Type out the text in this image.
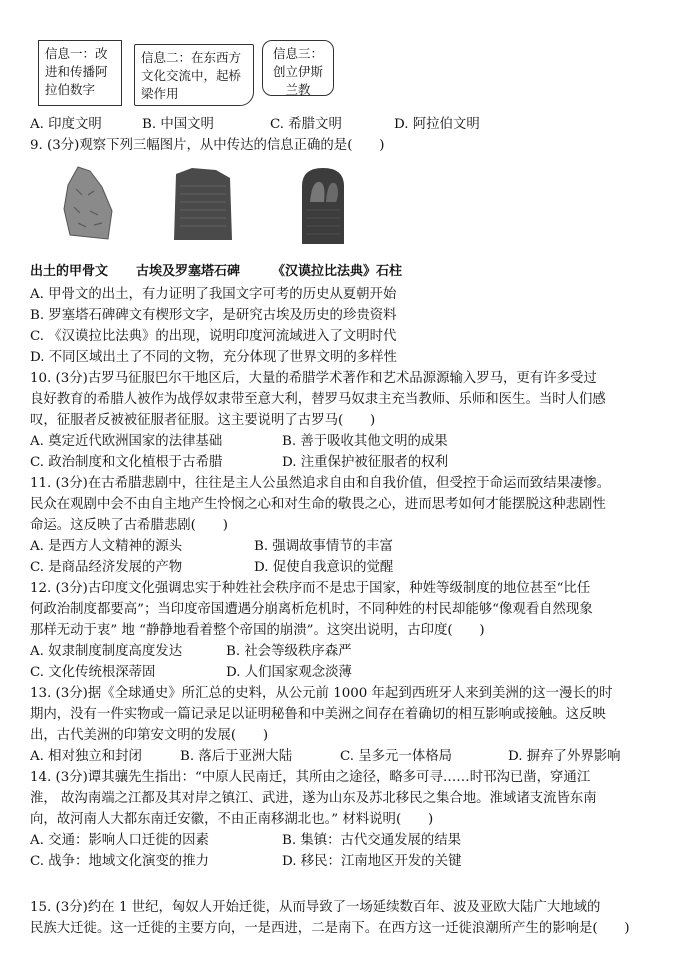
信息一：改进和传播阿拉伯数字
信息二：在东西方文化交流中，起桥梁作用
信息三：创立伊斯兰教
A. 印度文明	B. 中国文明	C. 希腊文明	D. 阿拉伯文明
9. (3分)观察下列三幅图片，从中传达的信息正确的是(　　)
出土的甲骨文 古埃及罗塞塔石碑 《汉谟拉比法典》石柱
A. 甲骨文的出土，有力证明了我国文字可考的历史从夏朝开始
B. 罗塞塔石碑碑文有楔形文字，是研究古埃及历史的珍贵资料
C. 《汉谟拉比法典》的出现，说明印度河流域进入了文明时代
D. 不同区域出土了不同的文物，充分体现了世界文明的多样性
10. (3分)古罗马征服巴尔干地区后，大量的希腊学术著作和艺术品源源输入罗马，更有许多受过
良好教育的希腊人被作为战俘奴隶带至意大利，替罗马奴隶主充当教师、乐师和医生。当时人们感
叹，征服者反被被征服者征服。这主要说明了古罗马(　　)
A. 奠定近代欧洲国家的法律基础	B. 善于吸收其他文明的成果
C. 政治制度和文化植根于古希腊	D. 注重保护被征服者的权利
11. (3分)在古希腊悲剧中，往往是主人公虽然追求自由和自我价值，但受控于命运而致结果凄惨。
民众在观剧中会不由自主地产生怜悯之心和对生命的敬畏之心，进而思考如何才能摆脱这种悲剧性
命运。这反映了古希腊悲剧(　　)
A. 是西方人文精神的源头	B. 强调故事情节的丰富
C. 是商品经济发展的产物	D. 促使自我意识的觉醒
12. (3分)古印度文化强调忠实于种姓社会秩序而不是忠于国家，种姓等级制度的地位甚至“比任
何政治制度都要高”；当印度帝国遭遇分崩离析危机时，不同种姓的村民却能够“像观看自然现象
那样无动于衷” 地 “静静地看着整个帝国的崩溃”。这突出说明，古印度(　　)
A. 奴隶制度制度高度发达	B. 社会等级秩序森严
C. 文化传统根深蒂固	D. 人们国家观念淡薄
13. (3分)据《全球通史》所汇总的史料，从公元前 1000 年起到西班牙人来到美洲的这一漫长的时
期内，没有一件实物或一篇记录足以证明秘鲁和中美洲之间存在着确切的相互影响或接触。这反映
出，古代美洲的印第安文明的发展(　　)
A. 相对独立和封闭	B. 落后于亚洲大陆	C. 呈多元一体格局	D. 摒弃了外界影响
14. (3分)谭其骧先生指出：“中原人民南迁，其所由之途径，略多可寻……时邗沟已凿，穿通江
淮， 故沟南端之江都及其对岸之镇江、武进，遂为山东及苏北移民之集合地。淮域诸支流皆东南
向，故河南人大都东南迁安徽，不由正南移湖北也。” 材料说明(　　)
A. 交通：影响人口迁徙的因素	B. 集镇：古代交通发展的结果
C. 战争：地域文化演变的推力	D. 移民：江南地区开发的关键
15. (3分)约在 1 世纪，匈奴人开始迁徙，从而导致了一场延续数百年、波及亚欧大陆广大地域的
民族大迁徙。这一迁徙的主要方向，一是西进，二是南下。在西方这一迁徙浪潮所产生的影响是(　　)
